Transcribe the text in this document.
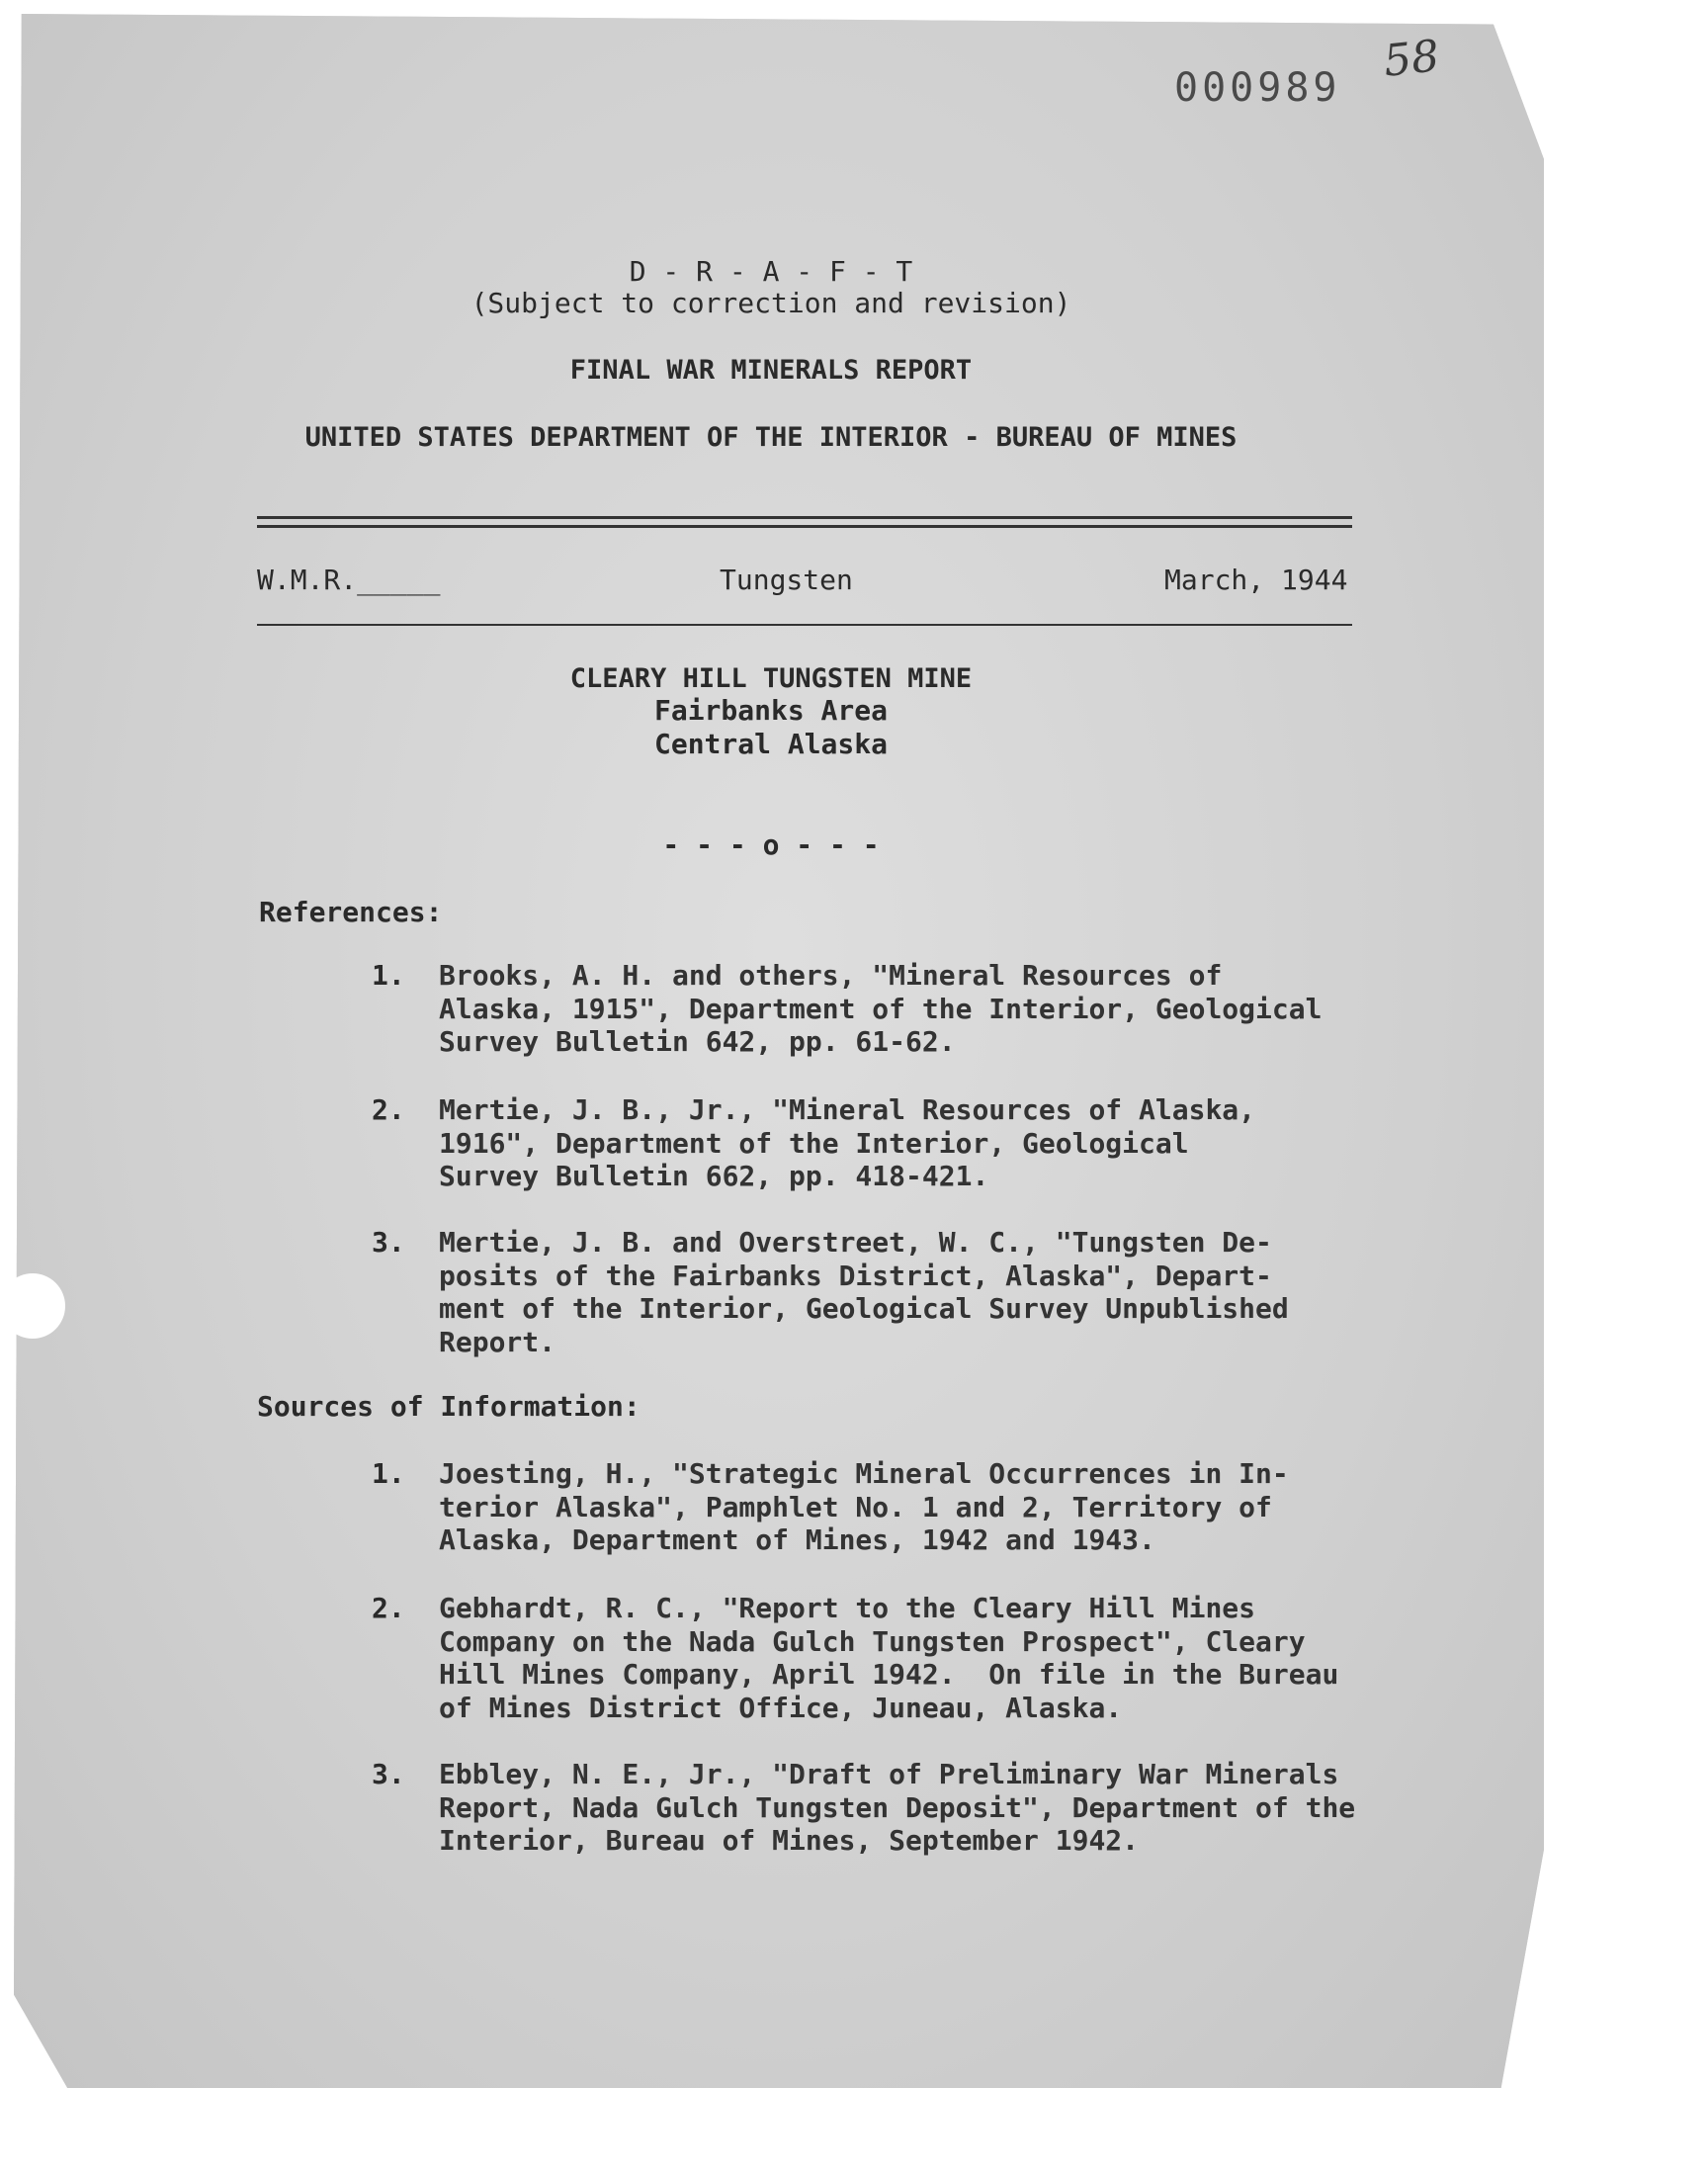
000989
58
D - R - A - F - T
(Subject to correction and revision)
FINAL WAR MINERALS REPORT
UNITED STATES DEPARTMENT OF THE INTERIOR - BUREAU OF MINES
W.M.R._____	Tungsten	March, 1944
CLEARY HILL TUNGSTEN MINE
Fairbanks Area
Central Alaska
- - - o - - -
References:
1. Brooks, A. H. and others, "Mineral Resources of
Alaska, 1915", Department of the Interior, Geological
Survey Bulletin 642, pp. 61-62.
2. Mertie, J. B., Jr., "Mineral Resources of Alaska,
1916", Department of the Interior, Geological
Survey Bulletin 662, pp. 418-421.
3. Mertie, J. B. and Overstreet, W. C., "Tungsten De-
posits of the Fairbanks District, Alaska", Depart-
ment of the Interior, Geological Survey Unpublished
Report.
Sources of Information:
1. Joesting, H., "Strategic Mineral Occurrences in In-
terior Alaska", Pamphlet No. 1 and 2, Territory of
Alaska, Department of Mines, 1942 and 1943.
2. Gebhardt, R. C., "Report to the Cleary Hill Mines
Company on the Nada Gulch Tungsten Prospect", Cleary
Hill Mines Company, April 1942.  On file in the Bureau
of Mines District Office, Juneau, Alaska.
3. Ebbley, N. E., Jr., "Draft of Preliminary War Minerals
Report, Nada Gulch Tungsten Deposit", Department of the
Interior, Bureau of Mines, September 1942.
